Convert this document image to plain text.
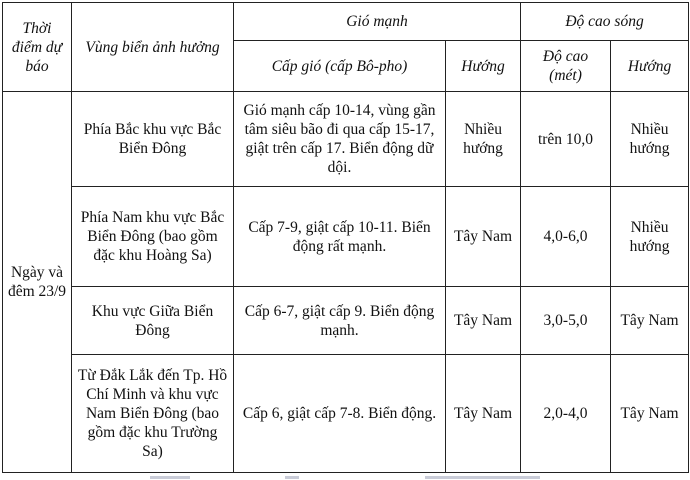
Thời điểm dự báo	Vùng biển ảnh hưởng	Gió mạnh		Độ cao sóng	
		Cấp gió (cấp Bô-pho)	Hướng	Độ cao (mét)	Hướng
Ngày và đêm 23/9	Phía Bắc khu vực Bắc Biển Đông	Gió mạnh cấp 10-14, vùng gần tâm siêu bão đi qua cấp 15-17, giật trên cấp 17. Biển động dữ dội.	Nhiều hướng	trên 10,0	Nhiều hướng
	Phía Nam khu vực Bắc Biển Đông (bao gồm đặc khu Hoàng Sa)	Cấp 7-9, giật cấp 10-11. Biển động rất mạnh.	Tây Nam	4,0-6,0	Nhiều hướng
	Khu vực Giữa Biển Đông	Cấp 6-7, giật cấp 9. Biển động mạnh.	Tây Nam	3,0-5,0	Tây Nam
	Từ Đắk Lắk đến Tp. Hồ Chí Minh và khu vực Nam Biển Đông (bao gồm đặc khu Trường Sa)	Cấp 6, giật cấp 7-8. Biển động.	Tây Nam	2,0-4,0	Tây Nam
